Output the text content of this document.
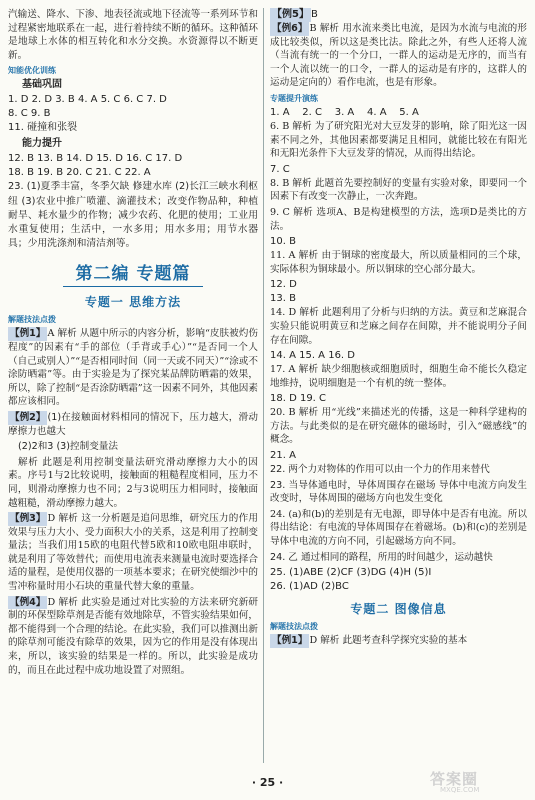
汽输送、降水、下渗、地表径流或地下径流等一系列环节和过程紧密地联系在一起，进行着持续不断的循环。这种循环是地球上水体的相互转化和水分交换。水资源得以不断更新。

知能优化训练
基础巩固

1. D 2. D 3. B 4. A 5. C 6. C 7. D

8. C 9. B

11. 碰撞和张裂

能力提升

12. B 13. B 14. D 15. D 16. C 17. D

18. B 19. B 20. C 21. C 22. A

23. (1)夏季丰富，冬季欠缺 修建水库 (2)长江三峡水利枢纽 (3)农业中推广喷灌、滴灌技术；改变作物品种，种植耐旱、耗水量少的作物；减少农药、化肥的使用；工业用水重复使用；生活中，一水多用；用水多用；用节水器具；少用洗涤剂和清洁剂等。

第二编 专题篇
专题一 思维方法
解题技法点拨

【例1】 A 解析 从题中所示的内容分析，影响“皮肤被灼伤程度”的因素有“手的部位（手背或手心）”“是否同一个人（自己或别人）”“是否相同时间（同一天或不同天）”“涂或不涂防晒霜”等。由于实验是为了探究某品牌防晒霜的效果，所以，除了控制“是否涂防晒霜”这一因素不同外，其他因素都应该相同。

【例2】 (1)在接触面材料相同的情况下，压力越大，滑动摩擦力也越大

(2)2和3 (3)控制变量法

解析 此题是利用控制变量法研究滑动摩擦力大小的因素。序号1与2比较说明，接触面的粗糙程度相同，压力不同，则滑动摩擦力也不同；2与3说明压力相同时，接触面越粗糙，滑动摩擦力越大。

【例3】 D 解析 这一分析题是追问思维，研究压力的作用效果与压力大小、受力面积大小的关系，这是利用了控制变量法；当我们用15欧的电阻代替5欧和10欧电阻串联时，就是利用了等效替代；而使用电流表来测量电流时要选择合适的量程，是使用仪器的一项基本要求；在研究使细沙中的雪冲称量时用小石块的重量代替大象的重量。

【例4】 D 解析 此实验是通过对比实验的方法来研究新研制的环保型除草剂是否能有效地除草，不管实验结果如何，都不能得到一个合理的结论。在此实验，我们可以推测出新的除草剂可能没有除草的效果，因为它的作用是没有体现出来，所以，该实验的结果是一样的。所以，此实验是成功的，而且在此过程中成功地设置了对照组。

【例5】 B

【例6】 B 解析 用水流来类比电流，是因为水流与电流的形成比较类似，所以这是类比法。除此之外，有些人还将人流（当流有统一的一个分口，一群人的运动是无序的，而当有一个人流以统一的口令，一群人的运动是有序的，这群人的运动是定向的）看作电流，也是有形象。

专题提升演练

1. A 2. C 3. A 4. A 5. A

6. B 解析 为了研究阳光对大豆发芽的影响，除了阳光这一因素不同之外，其他因素都要满足且相同，就能比较在有阳光和无阳光条件下大豆发芽的情况，从而得出结论。

7. C

8. B 解析 此题首先要控制好的变量有实验对象，即要同一个因素下有改变一次静止，一次奔跑。

9. C 解析 选项A、B是构建模型的方法，选项D是类比的方法。

10. B

11. A 解析 由于铜球的密度最大，所以质量相同的三个球，实际体积为铜球最小。所以铜球的空心部分最大。

12. D

13. B

14. D 解析 此题利用了分析与归纳的方法。黄豆和芝麻混合实验只能说明黄豆和芝麻之间存在间隙，并不能说明分子间存在间隙。

14. A 15. A 16. D

17. A 解析 缺少细胞核或细胞质时，细胞生命不能长久稳定地维持，说明细胞是一个有机的统一整体。

18. D 19. C

20. B 解析 用“光线”来描述光的传播，这是一种科学建构的方法。与此类似的是在研究磁体的磁场时，引入“磁感线”的概念。

21. A

22. 两个力对物体的作用可以由一个力的作用来替代

23. 当导体通电时，导体周围存在磁场 导体中电流方向发生改变时，导体周围的磁场方向也发生变化

24. (a)和(b)的差别是有无电源，即导体中是否有电流。所以得出结论：有电流的导体周围存在着磁场。(b)和(c)的差别是导体中电流的方向不同，引起磁场方向不同。

24. 乙 通过相同的路程，所用的时间越少，运动越快

25. (1)ABE (2)CF (3)DG (4)H (5)I

26. (1)AD (2)BC

专题二 图像信息
解题技法点拨

【例1】 D 解析 此题考查科学探究实验的基本

· 25 ·	答案圈
MXQE.COM
